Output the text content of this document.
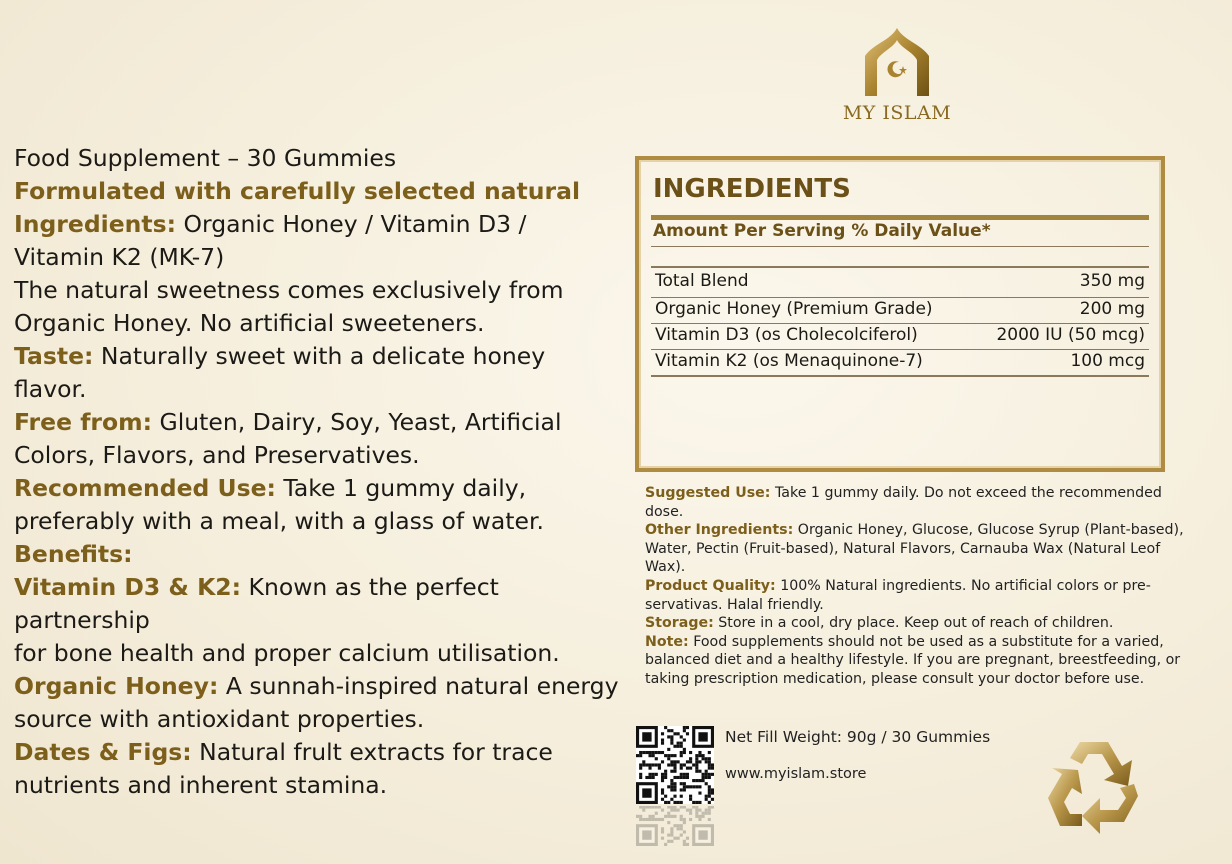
MY ISLAM

Food Supplement – 30 Gummies

Formulated with carefully selected natural

Ingredients: Organic Honey / Vitamin D3 /

Vitamin K2 (MK-7)

The natural sweetness comes exclusively from

Organic Honey. No artificial sweeteners.

Taste: Naturally sweet with a delicate honey

flavor.

Free from: Gluten, Dairy, Soy, Yeast, Artificial

Colors, Flavors, and Preservatives.

Recommended Use: Take 1 gummy daily,

preferably with a meal, with a glass of water.

Benefits:

Vitamin D3 & K2: Known as the perfect partnership

for bone health and proper calcium utilisation.

Organic Honey: A sunnah-inspired natural energy

source with antioxidant properties.

Dates & Figs: Natural frult extracts for trace

nutrients and inherent stamina.

INGREDIENTS
Amount Per Serving % Daily Value*
Total Blend	350 mg
Organic Honey (Premium Grade)	200 mg
Vitamin D3 (os Cholecolciferol)	2000 IU (50 mcg)
Vitamin K2 (os Menaquinone-7)	100 mcg

Suggested Use: Take 1 gummy daily. Do not exceed the recommended dose.

Other Ingredients: Organic Honey, Glucose, Glucose Syrup (Plant-based), Water, Pectin (Fruit-based), Natural Flavors, Carnauba Wax (Natural Leof Wax).

Product Quality: 100% Natural ingredients. No artificial colors or pre-servativas. Halal friendly.

Storage: Store in a cool, dry place. Keep out of reach of children.

Note: Food supplements should not be used as a substitute for a varied, balanced diet and a healthy lifestyle. If you are pregnant, breestfeeding, or taking prescription medication, please consult your doctor before use.

Net Fill Weight: 90g / 30 Gummies
www.myislam.store
